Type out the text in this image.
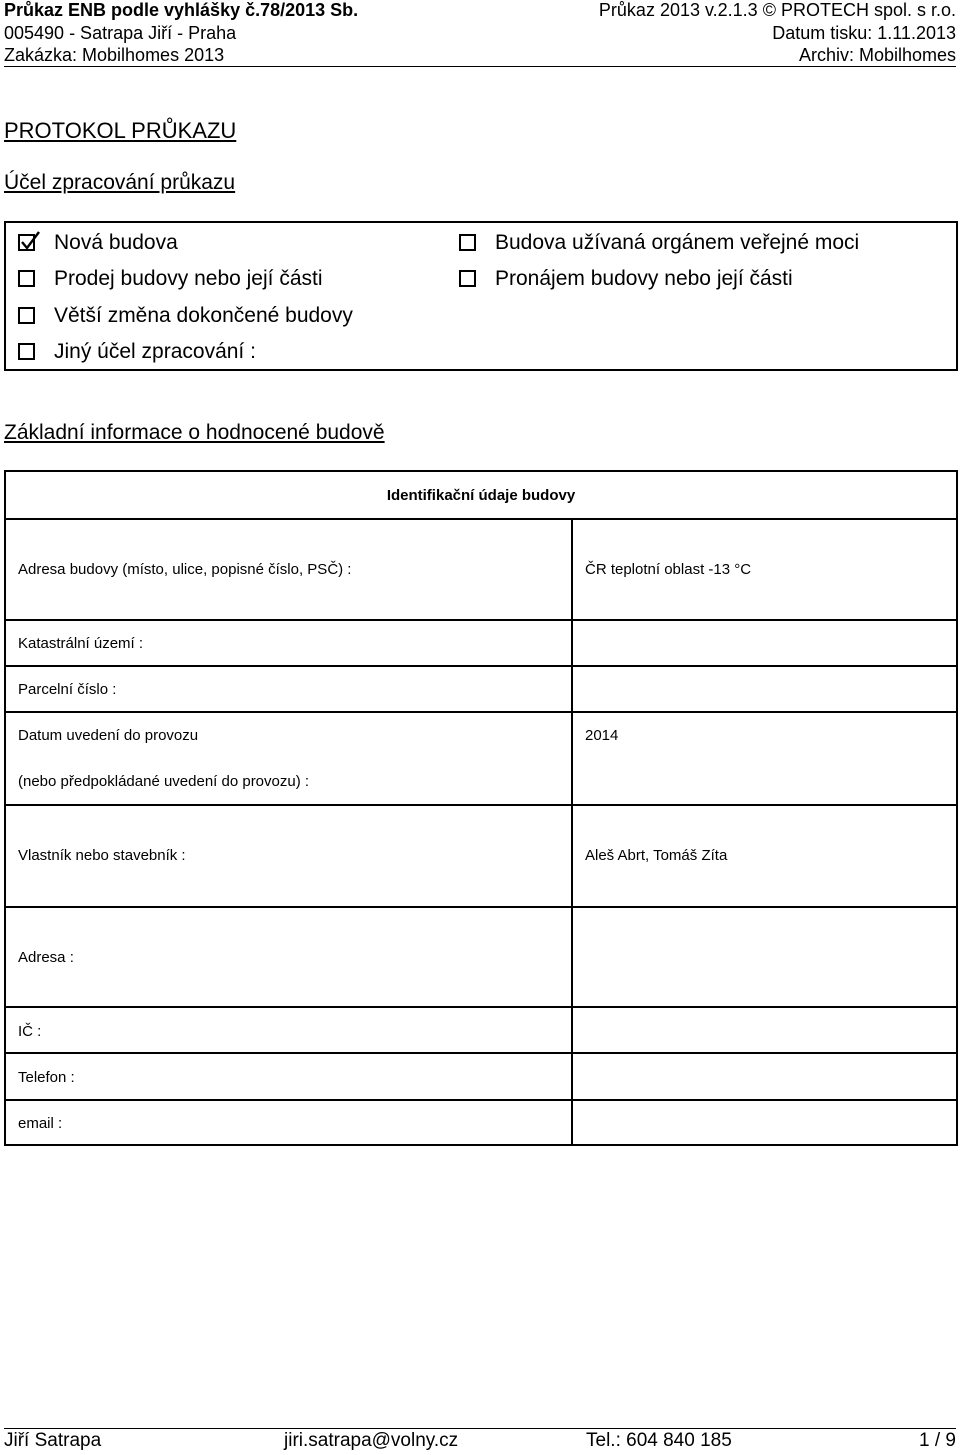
Průkaz ENB podle vyhlášky č.78/2013 Sb.	Průkaz 2013 v.2.1.3 © PROTECH spol. s r.o.
005490 - Satrapa Jiří - Praha	Datum tisku: 1.11.2013
Zakázka: Mobilhomes 2013	Archiv: Mobilhomes
PROTOKOL PRŮKAZU
Účel zpracování průkazu
Nová budova
Prodej budovy nebo její části
Větší změna dokončené budovy
Jiný účel zpracování :
Budova užívaná orgánem veřejné moci
Pronájem budovy nebo její části
Základní informace o hodnocené budově
Identifikační údaje budovy
Adresa budovy (místo, ulice, popisné číslo, PSČ) :	ČR teplotní oblast -13 °C
Katastrální území :
Parcelní číslo :
Datum uvedení do provozu	2014
(nebo předpokládané uvedení do provozu) :
Vlastník nebo stavebník :	Aleš Abrt, Tomáš Zíta
Adresa :
IČ :
Telefon :
email :
Jiří Satrapa	jiri.satrapa@volny.cz	Tel.: 604 840 185	1 / 9
